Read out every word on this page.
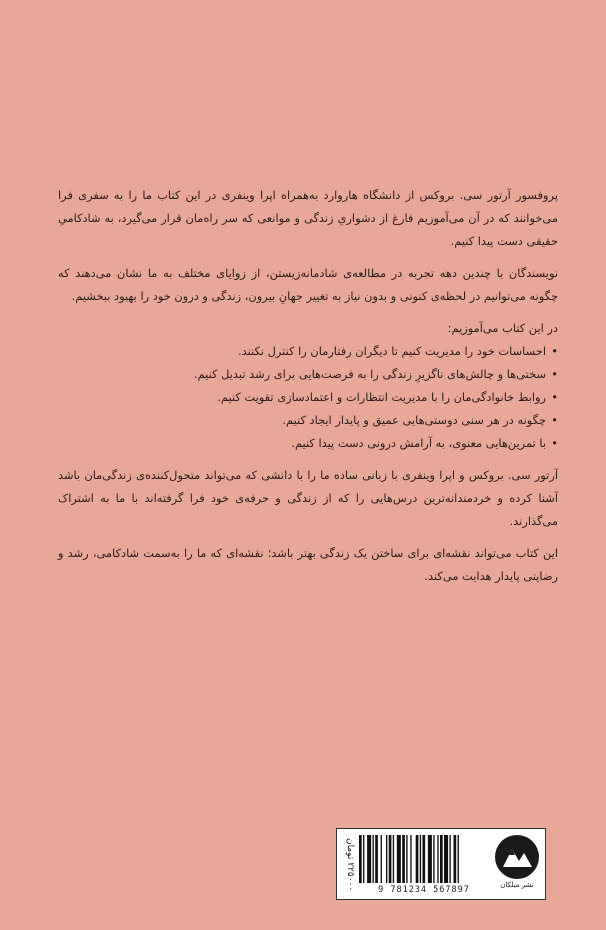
پروفسور آرتور سی. بروکس از دانشگاه هاروارد به‌همراه اپرا وینفری در این کتاب ما را به سفری فرا می‌خوانند که در آن می‌آموزیم فارغ از دشواریِ زندگی و موانعی که سر راه‌مان قرار می‌گیرد، به شادکامیِ حقیقی دست پیدا کنیم.

نویسندگان با چندین دهه تجربه در مطالعه‌ی شادمانه‌زیستن، از زوایای مختلف به ما نشان می‌دهند که چگونه می‌توانیم در لحظه‌ی کنونی و بدون نیاز به تغییر جهانِ بیرون، زندگی و درون خود را بهبود ببخشیم.

در این کتاب می‌آموزیم:

• احساسات خود را مدیریت کنیم تا دیگران رفتارمان را کنترل نکنند.
• سختی‌ها و چالش‌های ناگزیرِ زندگی را به فرصت‌هایی برای رشد تبدیل کنیم.
• روابط خانوادگی‌مان را با مدیریت انتظارات و اعتمادسازی تقویت کنیم.
• چگونه در هر سنی دوستی‌هایی عمیق و پایدار ایجاد کنیم.
• با تمرین‌هایی معنوی، به آرامش درونی دست پیدا کنیم.

آرتور سی. بروکس و اپرا وینفری با زبانی ساده ما را با دانشی که می‌تواند متحول‌کننده‌ی زندگی‌مان باشد آشنا کرده و خردمندانه‌ترین درس‌هایی را که از زندگی و حرفه‌ی خود فرا گرفته‌اند با ما به اشتراک می‌گذارند.

این کتاب می‌تواند نقشه‌ای برای ساختن یک زندگی بهتر باشد؛ نقشه‌ای که ما را به‌سمت شادکامی، رشد و رضایتی پایدار هدایت می‌کند.

۲۲۵۰۰۰ تومان	9 781234 567897	نشر میلکان
